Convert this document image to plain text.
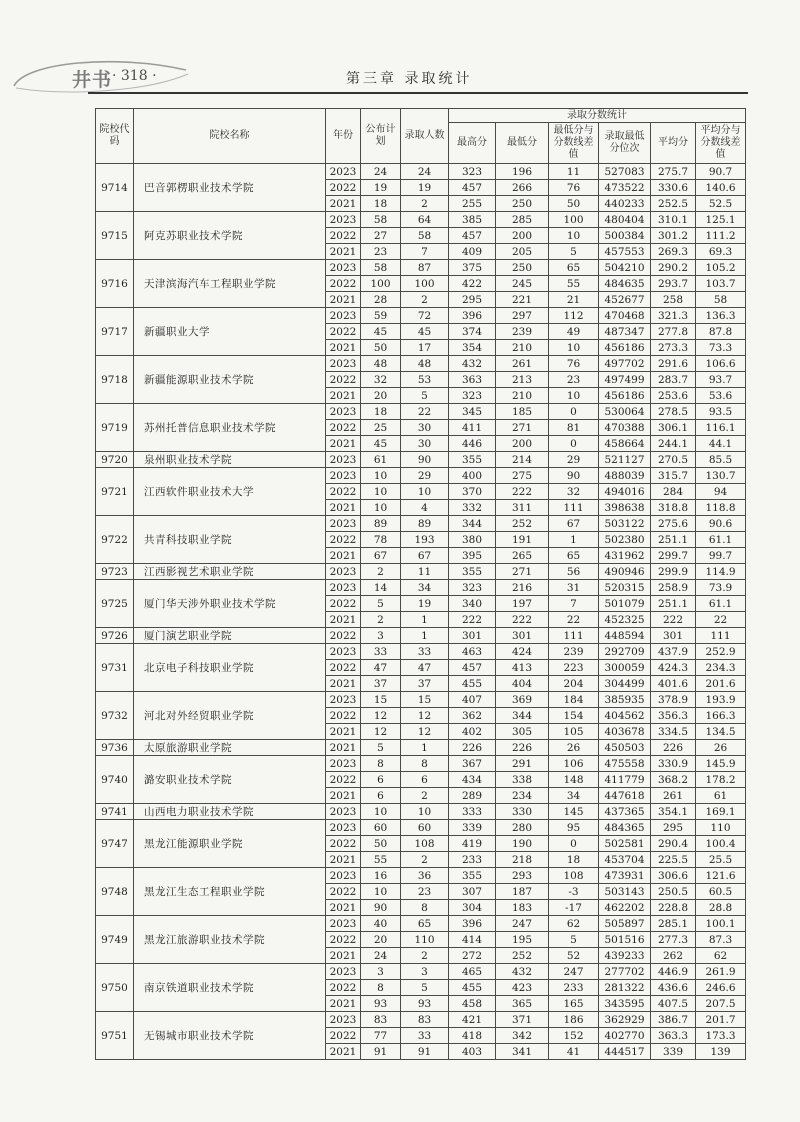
井书 · 318 ·	第三章 录取统计
院校代码	院校名称	年份	公布计划	录取人数	录取分数统计					
					最高分	最低分	最低分与分数线差值	录取最低分位次	平均分	平均分与分数线差值
9714	巴音郭楞职业技术学院	2023	24	24	323	196	11	527083	275.7	90.7
		2022	19	19	457	266	76	473522	330.6	140.6
		2021	18	2	255	250	50	440233	252.5	52.5
9715	阿克苏职业技术学院	2023	58	64	385	285	100	480404	310.1	125.1
		2022	27	58	457	200	10	500384	301.2	111.2
		2021	23	7	409	205	5	457553	269.3	69.3
9716	天津滨海汽车工程职业学院	2023	58	87	375	250	65	504210	290.2	105.2
		2022	100	100	422	245	55	484635	293.7	103.7
		2021	28	2	295	221	21	452677	258	58
9717	新疆职业大学	2023	59	72	396	297	112	470468	321.3	136.3
		2022	45	45	374	239	49	487347	277.8	87.8
		2021	50	17	354	210	10	456186	273.3	73.3
9718	新疆能源职业技术学院	2023	48	48	432	261	76	497702	291.6	106.6
		2022	32	53	363	213	23	497499	283.7	93.7
		2021	20	5	323	210	10	456186	253.6	53.6
9719	苏州托普信息职业技术学院	2023	18	22	345	185	0	530064	278.5	93.5
		2022	25	30	411	271	81	470388	306.1	116.1
		2021	45	30	446	200	0	458664	244.1	44.1
9720	泉州职业技术学院	2023	61	90	355	214	29	521127	270.5	85.5
9721	江西软件职业技术大学	2023	10	29	400	275	90	488039	315.7	130.7
		2022	10	10	370	222	32	494016	284	94
		2021	10	4	332	311	111	398638	318.8	118.8
9722	共青科技职业学院	2023	89	89	344	252	67	503122	275.6	90.6
		2022	78	193	380	191	1	502380	251.1	61.1
		2021	67	67	395	265	65	431962	299.7	99.7
9723	江西影视艺术职业学院	2023	2	11	355	271	56	490946	299.9	114.9
9725	厦门华天涉外职业技术学院	2023	14	34	323	216	31	520315	258.9	73.9
		2022	5	19	340	197	7	501079	251.1	61.1
		2021	2	1	222	222	22	452325	222	22
9726	厦门演艺职业学院	2022	3	1	301	301	111	448594	301	111
9731	北京电子科技职业学院	2023	33	33	463	424	239	292709	437.9	252.9
		2022	47	47	457	413	223	300059	424.3	234.3
		2021	37	37	455	404	204	304499	401.6	201.6
9732	河北对外经贸职业学院	2023	15	15	407	369	184	385935	378.9	193.9
		2022	12	12	362	344	154	404562	356.3	166.3
		2021	12	12	402	305	105	403678	334.5	134.5
9736	太原旅游职业学院	2021	5	1	226	226	26	450503	226	26
9740	潞安职业技术学院	2023	8	8	367	291	106	475558	330.9	145.9
		2022	6	6	434	338	148	411779	368.2	178.2
		2021	6	2	289	234	34	447618	261	61
9741	山西电力职业技术学院	2023	10	10	333	330	145	437365	354.1	169.1
9747	黑龙江能源职业学院	2023	60	60	339	280	95	484365	295	110
		2022	50	108	419	190	0	502581	290.4	100.4
		2021	55	2	233	218	18	453704	225.5	25.5
9748	黑龙江生态工程职业学院	2023	16	36	355	293	108	473931	306.6	121.6
		2022	10	23	307	187	-3	503143	250.5	60.5
		2021	90	8	304	183	-17	462202	228.8	28.8
9749	黑龙江旅游职业技术学院	2023	40	65	396	247	62	505897	285.1	100.1
		2022	20	110	414	195	5	501516	277.3	87.3
		2021	24	2	272	252	52	439233	262	62
9750	南京铁道职业技术学院	2023	3	3	465	432	247	277702	446.9	261.9
		2022	8	5	455	423	233	281322	436.6	246.6
		2021	93	93	458	365	165	343595	407.5	207.5
9751	无锡城市职业技术学院	2023	83	83	421	371	186	362929	386.7	201.7
		2022	77	33	418	342	152	402770	363.3	173.3
		2021	91	91	403	341	41	444517	339	139
